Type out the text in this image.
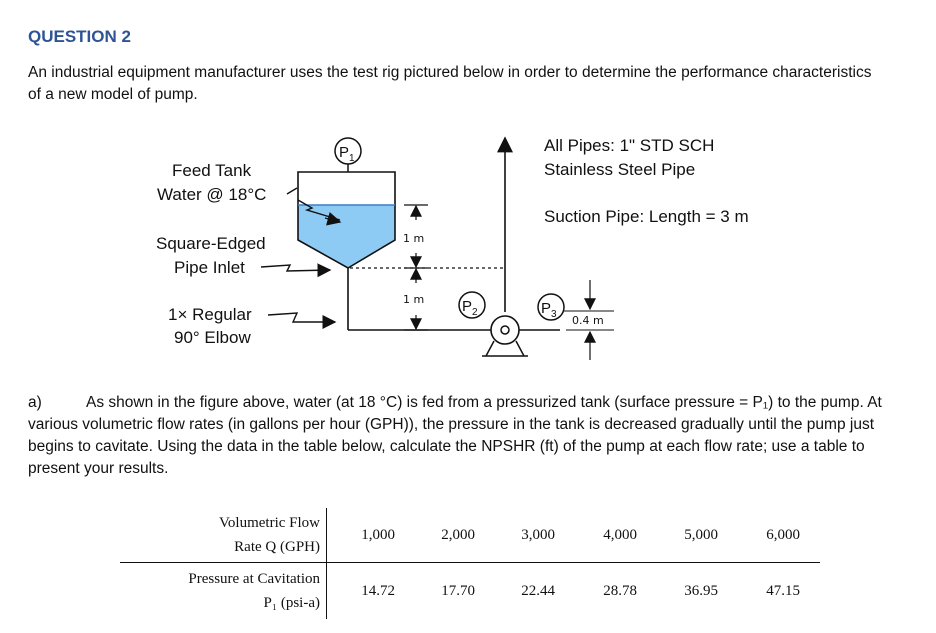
QUESTION 2
An industrial equipment manufacturer uses the test rig pictured below in order to determine the performance characteristics of a new model of pump.
$P_1$
$P_2$	$P_3$
1 m
1 m
0.4 m
Feed Tank
Water @ 18°C
Square-Edged
Pipe Inlet
1× Regular
90° Elbow
All Pipes: 1" STD SCH
Stainless Steel Pipe
Suction Pipe: Length = 3 m
a)	As shown in the figure above, water (at 18 °C) is fed from a pressurized tank (surface pressure = P₁) to the pump. At various volumetric flow rates (in gallons per hour (GPH)), the pressure in the tank is decreased gradually until the pump just begins to cavitate. Using the data in the table below, calculate the NPSHR (ft) of the pump at each flow rate; use a table to present your results.
Volumetric Flow
Rate Q (GPH)	1,000	2,000	3,000	4,000	5,000	6,000

Pressure at Cavitation
P₁ (psi-a)	14.72	17.70	22.44	28.78	36.95	47.15
